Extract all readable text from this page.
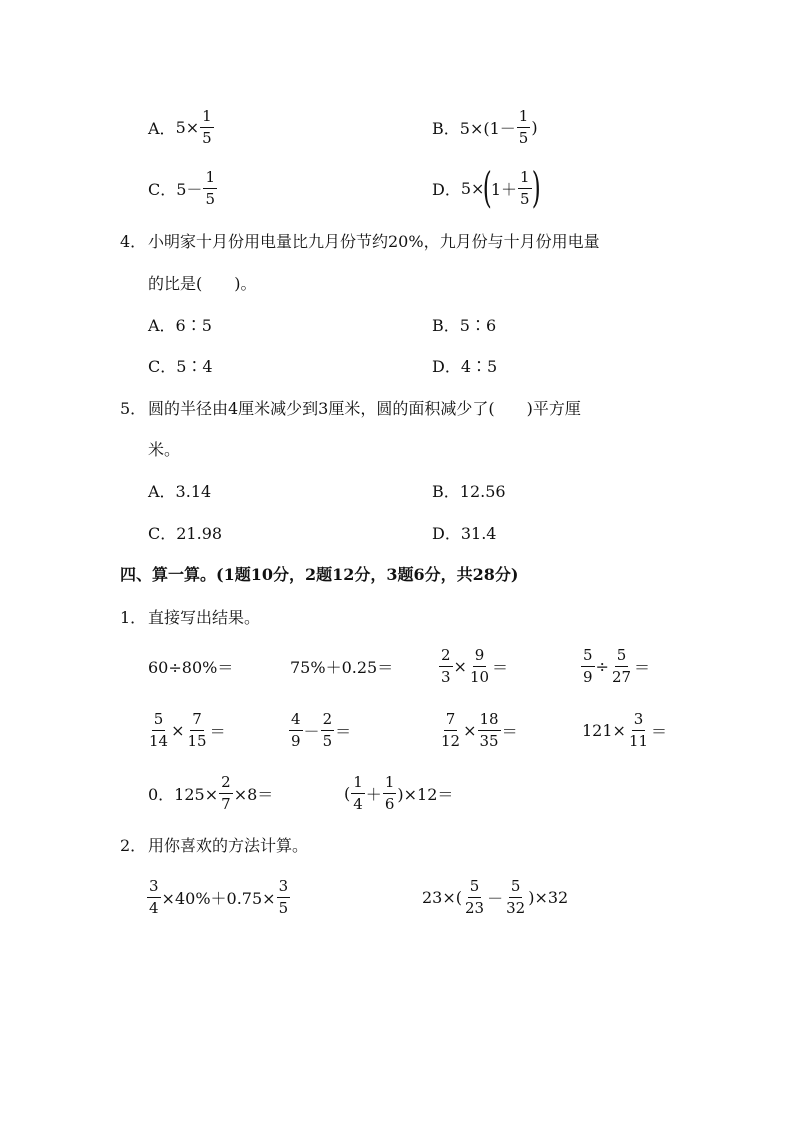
A． $5\times \frac{1}{5}$	B． $5\times(1- \frac{1}{5}$ )
C． $5- \frac{1}{5}$	D． 5×
(
$1+ \frac{1}{5}$ )
4． 小明家十月份用电量比九月份节约20%，九月份与十月份用电量
的比是(　　)。
A．6∶5	B．5∶6
C．5∶4	D．4∶5
5． 圆的半径由4厘米减少到3厘米，圆的面积减少了(　　)平方厘
米。
A．3.14	B．12.56
C．21.98	D．31.4
四、算一算。(1题10分，2题12分，3题6分，共28分)
1． 直接写出结果。
60÷80%＝	75%＋0.25＝	$\frac{2}{3} \times \frac{9}{10}$ ＝	$\frac{5}{9} \div \frac{5}{27}$ ＝
$\frac{5}{14} \times \frac{7}{15}$ ＝	$\frac{4}{9} - \frac{2}{5}$ ＝	$\frac{7}{12} \times \frac{18}{35}$ ＝	$121\times \frac{3}{11}$ ＝
0．$125\times \frac{2}{7} \times 8=$	( $\frac{1}{4} + \frac{1}{6} )\times 12=$
2． 用你喜欢的方法计算。
$\frac{3}{4} \times 40\%+0.75\times \frac{3}{5}$	$23\times( \frac{5}{23} - \frac{5}{32} )\times 32$
